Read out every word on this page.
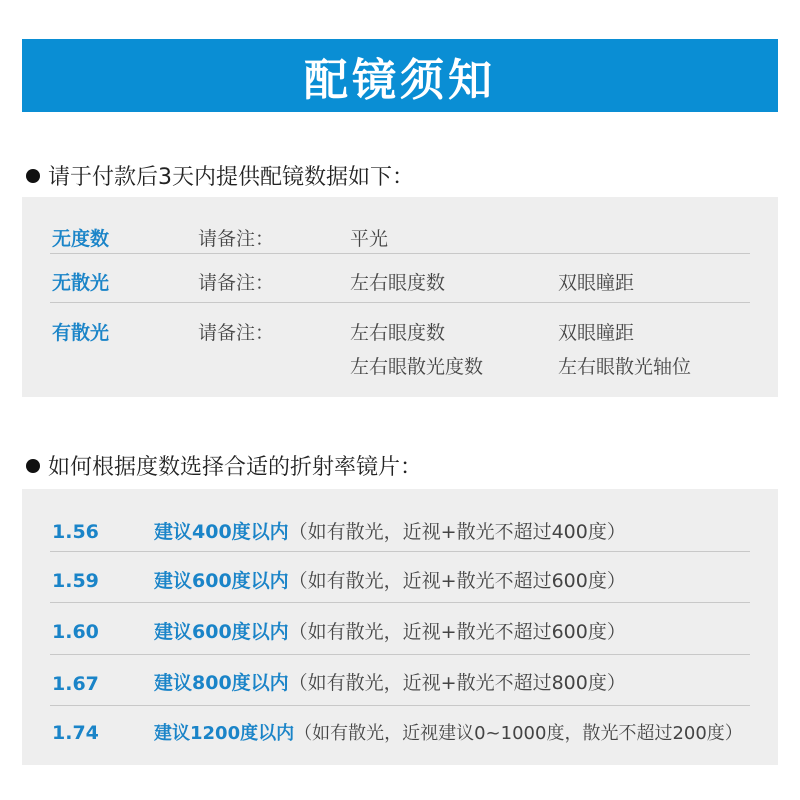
配镜须知
请于付款后3天内提供配镜数据如下：
无度数	请备注：	平光
无散光	请备注：	左右眼度数	双眼瞳距
有散光	请备注：	左右眼度数	双眼瞳距
左右眼散光度数	左右眼散光轴位
如何根据度数选择合适的折射率镜片：
1.56	建议400度以内（如有散光，近视+散光不超过400度）
1.59	建议600度以内（如有散光，近视+散光不超过600度）
1.60	建议600度以内（如有散光，近视+散光不超过600度）
1.67	建议800度以内（如有散光，近视+散光不超过800度）
1.74	建议1200度以内（如有散光，近视建议0~1000度，散光不超过200度）
